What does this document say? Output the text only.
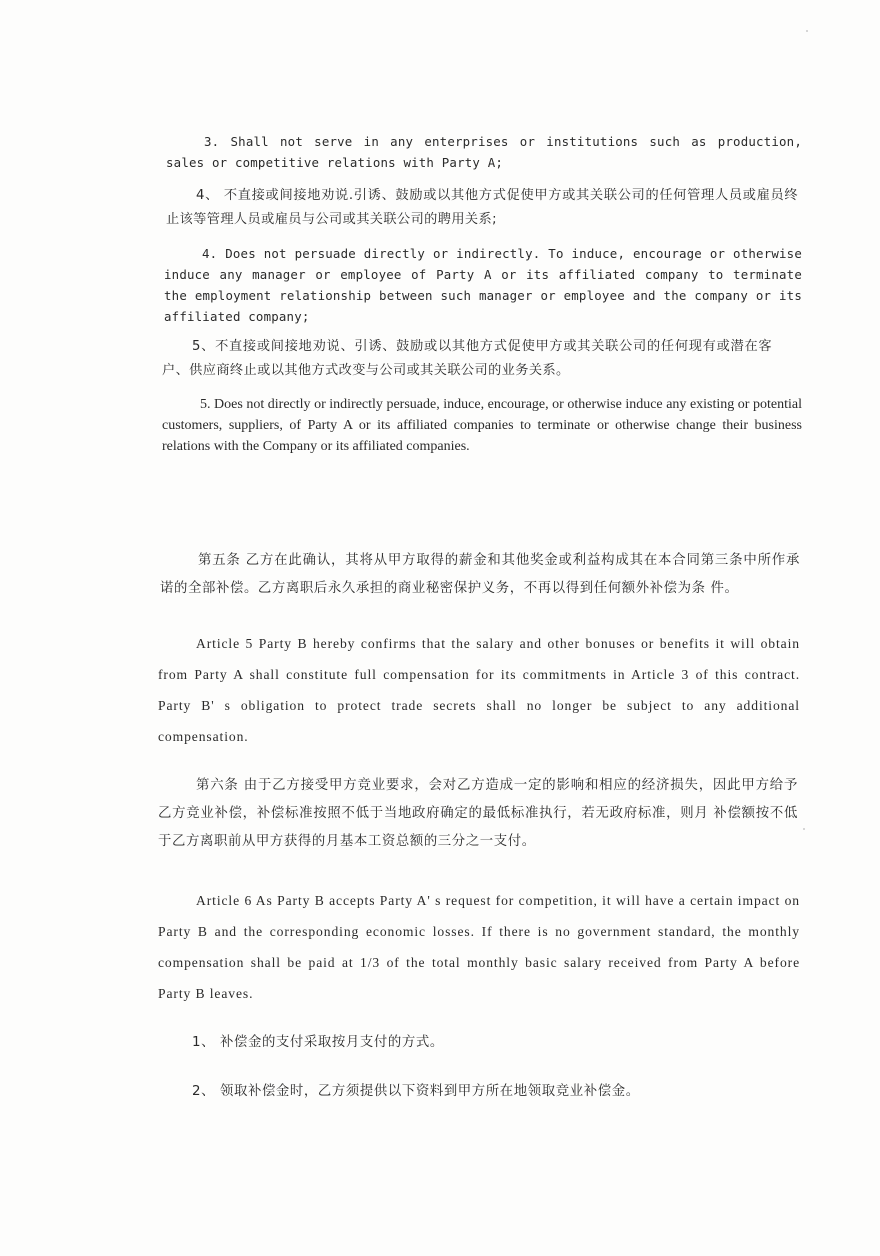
3. Shall not serve in any enterprises or institutions such as production, sales or competitive relations with Party A;

4、 不直接或间接地劝说.引诱、鼓励或以其他方式促使甲方或其关联公司的任何管理人员或雇员终止该等管理人员或雇员与公司或其关联公司的聘用关系;

4. Does not persuade directly or indirectly. To induce, encourage or otherwise induce any manager or employee of Party A or its affiliated company to terminate the employment relationship between such manager or employee and the company or its affiliated company;

5、不直接或间接地劝说、引诱、鼓励或以其他方式促使甲方或其关联公司的任何现有或潜在客户、供应商终止或以其他方式改变与公司或其关联公司的业务关系。

5. Does not directly or indirectly persuade, induce, encourage, or otherwise induce any existing or potential customers, suppliers, of Party A or its affiliated companies to terminate or otherwise change their business relations with the Company or its affiliated companies.

第五条 乙方在此确认，其将从甲方取得的薪金和其他奖金或利益构成其在本合同第三条中所作承诺的全部补偿。乙方离职后永久承担的商业秘密保护义务，不再以得到任何额外补偿为条 件。

Article 5 Party B hereby confirms that the salary and other bonuses or benefits it will obtain from Party A shall constitute full compensation for its commitments in Article 3 of this contract. Party B' s obligation to protect trade secrets shall no longer be subject to any additional compensation.

第六条 由于乙方接受甲方竞业要求，会对乙方造成一定的影响和相应的经济损失，因此甲方给予乙方竞业补偿，补偿标准按照不低于当地政府确定的最低标准执行，若无政府标准，则月 补偿额按不低于乙方离职前从甲方获得的月基本工资总额的三分之一支付。

Article 6 As Party B accepts Party A' s request for competition, it will have a certain impact on Party B and the corresponding economic losses. If there is no government standard, the monthly compensation shall be paid at 1/3 of the total monthly basic salary received from Party A before Party B leaves.

1、 补偿金的支付采取按月支付的方式。

2、 领取补偿金时，乙方须提供以下资料到甲方所在地领取竞业补偿金。
